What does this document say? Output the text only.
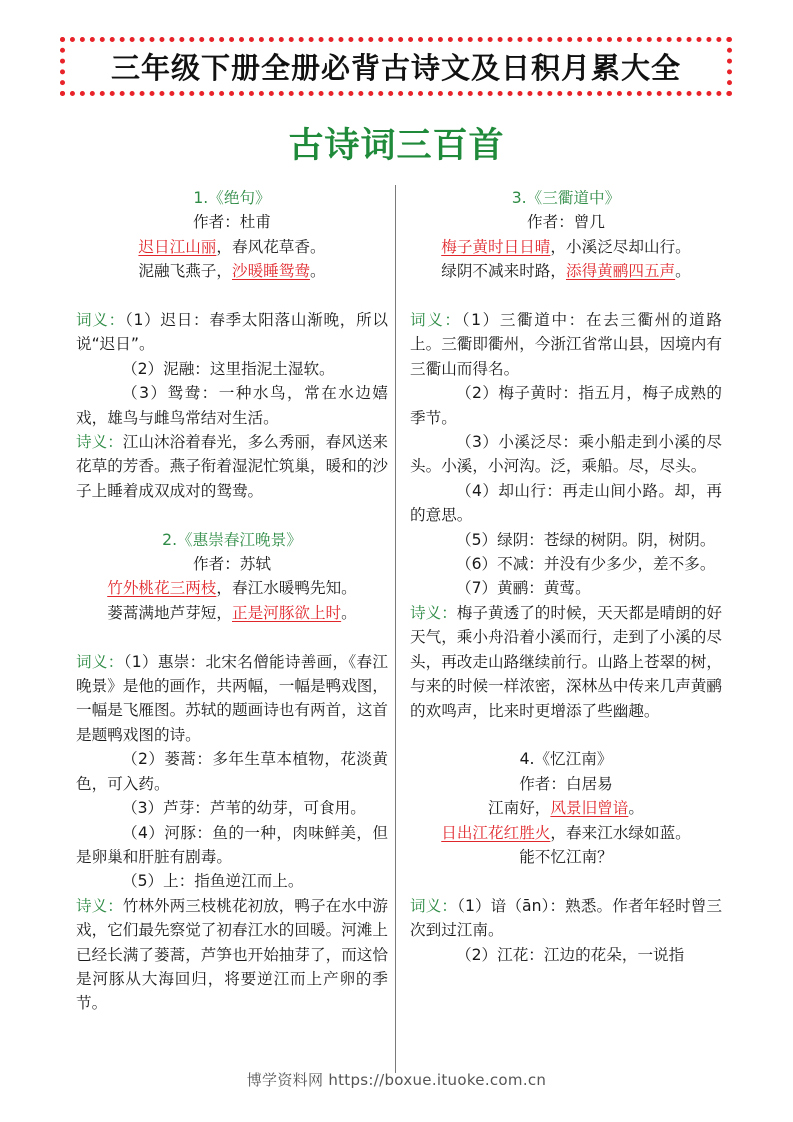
三年级下册全册必背古诗文及日积月累大全
古诗词三百首
1.《绝句》
作者：杜甫
迟日江山丽，春风花草香。
泥融飞燕子，沙暖睡鸳鸯。
词义：（1）迟日：春季太阳落山渐晚，所以说“迟日”。
（2）泥融：这里指泥土湿软。
（3）鸳鸯：一种水鸟，常在水边嬉戏，雄鸟与雌鸟常结对生活。
诗义：江山沐浴着春光，多么秀丽，春风送来花草的芳香。燕子衔着湿泥忙筑巢，暖和的沙子上睡着成双成对的鸳鸯。
2.《惠崇春江晚景》
作者：苏轼
竹外桃花三两枝，春江水暖鸭先知。
蒌蒿满地芦芽短，正是河豚欲上时。
词义：（1）惠崇：北宋名僧能诗善画，《春江晚景》是他的画作，共两幅，一幅是鸭戏图，一幅是飞雁图。苏轼的题画诗也有两首，这首是题鸭戏图的诗。
（2）蒌蒿：多年生草本植物，花淡黄色，可入药。
（3）芦芽：芦苇的幼芽，可食用。
（4）河豚：鱼的一种，肉味鲜美，但是卵巢和肝脏有剧毒。
（5）上：指鱼逆江而上。
诗义：竹林外两三枝桃花初放，鸭子在水中游戏，它们最先察觉了初春江水的回暖。河滩上已经长满了蒌蒿，芦笋也开始抽芽了，而这恰是河豚从大海回归，将要逆江而上产卵的季节。
3.《三衢道中》
作者：曾几
梅子黄时日日晴，小溪泛尽却山行。
绿阴不减来时路，添得黄鹂四五声。
词义：（1）三衢道中：在去三衢州的道路上。三衢即衢州，今浙江省常山县，因境内有三衢山而得名。
（2）梅子黄时：指五月，梅子成熟的季节。
（3）小溪泛尽：乘小船走到小溪的尽头。小溪，小河沟。泛，乘船。尽，尽头。
（4）却山行：再走山间小路。却，再的意思。
（5）绿阴：苍绿的树阴。阴，树阴。
（6）不减：并没有少多少，差不多。
（7）黄鹂：黄莺。
诗义：梅子黄透了的时候，天天都是晴朗的好天气，乘小舟沿着小溪而行，走到了小溪的尽头，再改走山路继续前行。山路上苍翠的树，与来的时候一样浓密，深林丛中传来几声黄鹂的欢鸣声，比来时更增添了些幽趣。
4.《忆江南》
作者：白居易
江南好，风景旧曾谙。
日出江花红胜火，春来江水绿如蓝。
能不忆江南？
词义：（1）谙（ān）：熟悉。作者年轻时曾三次到过江南。
（2）江花：江边的花朵，一说指
博学资料网 https://boxue.ituoke.com.cn
